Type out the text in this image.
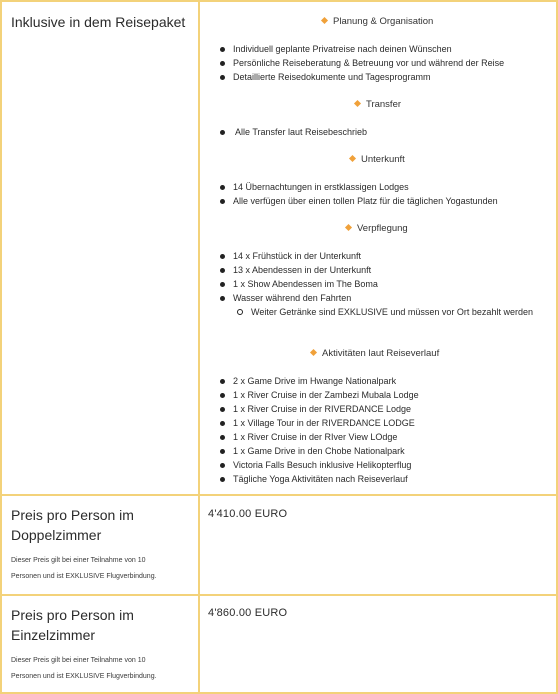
Inklusive in dem Reisepaket	Planung & Organisation
Individuell geplante Privatreise nach deinen Wünschen
Persönliche Reiseberatung & Betreuung vor und während der Reise
Detaillierte Reisedokumente und Tagesprogramm
Transfer
Alle Transfer laut Reisebeschrieb
Unterkunft
14 Übernachtungen in erstklassigen Lodges
Alle verfügen über einen tollen Platz für die täglichen Yogastunden
Verpflegung
14 x Frühstück in der Unterkunft
13 x Abendessen in der Unterkunft
1 x Show Abendessen im The Boma
Wasser während den Fahrten
Weiter Getränke sind EXKLUSIVE und müssen vor Ort bezahlt werden
Aktivitäten laut Reiseverlauf
2 x Game Drive im Hwange Nationalpark
1 x River Cruise in der Zambezi Mubala Lodge
1 x River Cruise in der RIVERDANCE Lodge
1 x Village Tour in der RIVERDANCE LODGE
1 x River Cruise in der RIver View LOdge
1 x Game Drive in den Chobe Nationalpark
Victoria Falls Besuch inklusive Helikopterflug
Tägliche Yoga Aktivitäten nach Reiseverlauf
Preis pro Person im
Doppelzimmer
Dieser Preis gilt bei einer Teilnahme von 10
Personen und ist EXKLUSIVE Flugverbindung.
4'410.00 EURO
Preis pro Person im
Einzelzimmer
Dieser Preis gilt bei einer Teilnahme von 10
Personen und ist EXKLUSIVE Flugverbindung.
4'860.00 EURO
